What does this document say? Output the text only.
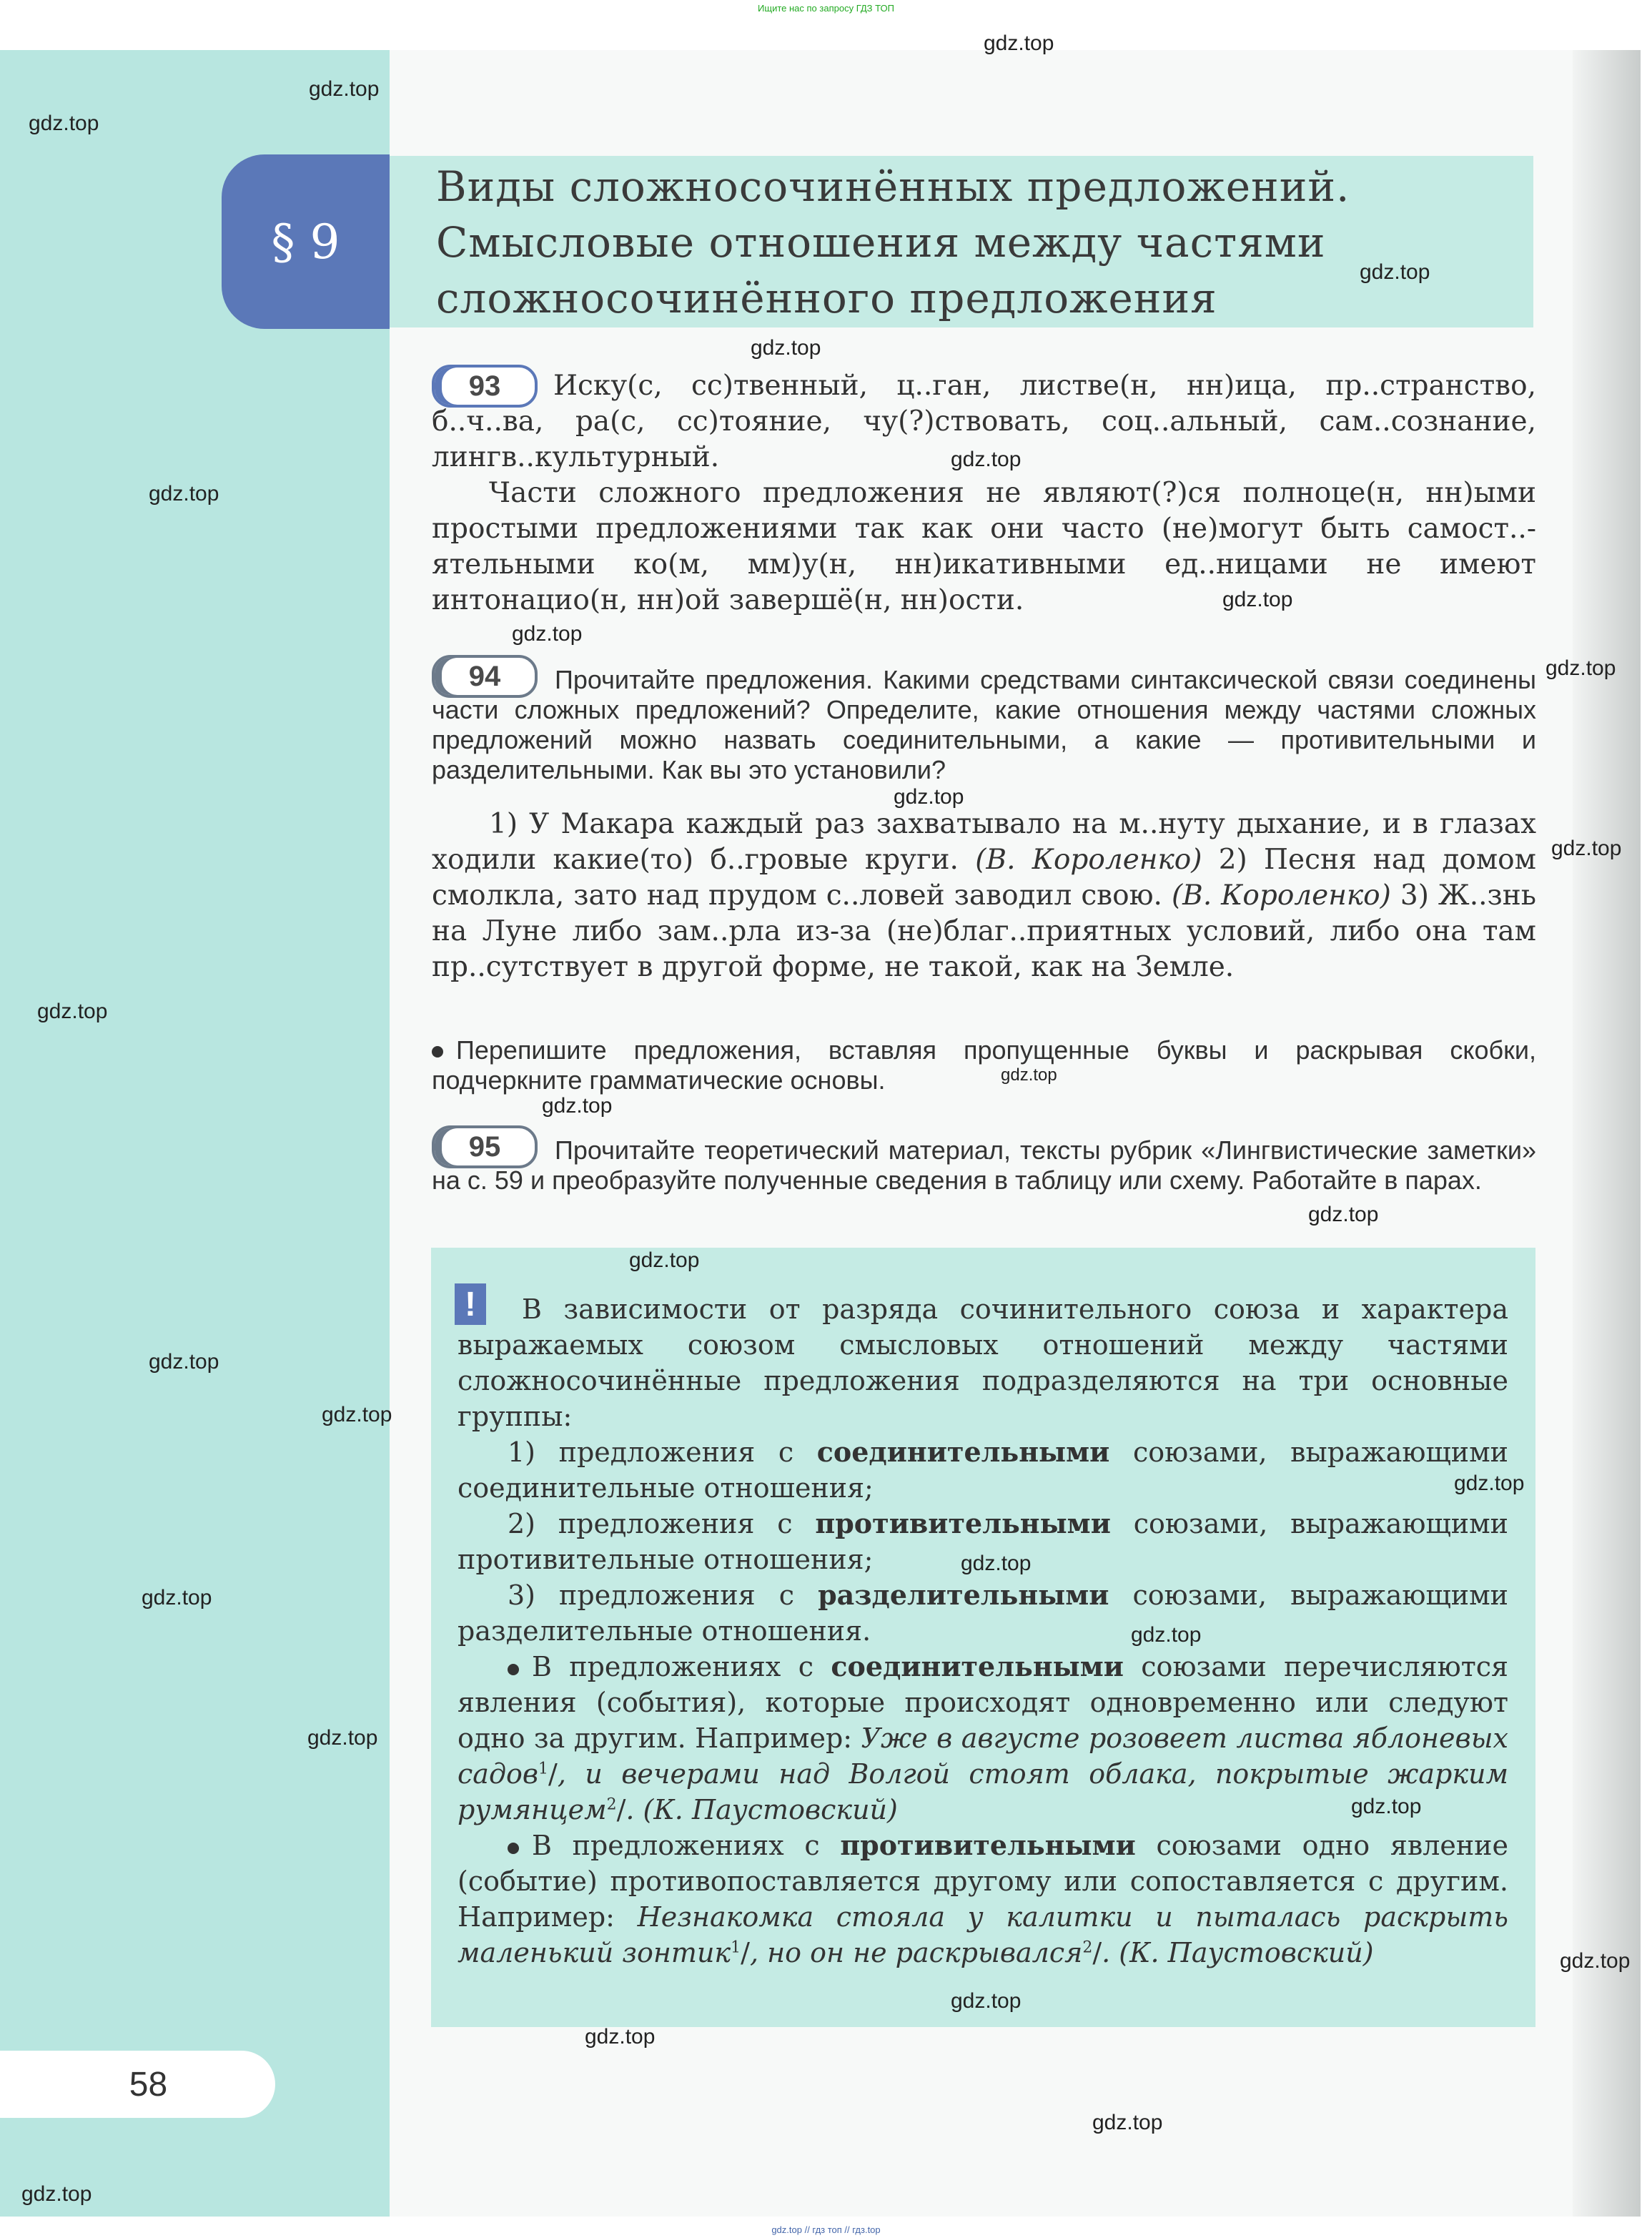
Ищите нас по запросу ГДЗ ТОП
58
§ 9
Виды сложносочинённых предложений.
Смысловые отношения между частями
сложносочинённого предложения
93	Иску(с, сс)твенный, ц..ган, листве(н, нн)ица, пр..странство, б..ч..ва, ра(с, сс)тояние, чу(?)ствовать, соц..альный, сам..сознание, лингв..культурный.
Части сложного предложения не являют(?)ся полноце(н, нн)ыми простыми предложениями так как они часто (не)могут быть самост..-ятельными ко(м, мм)у(н, нн)икативными ед..ницами не имеют интонацио(н, нн)ой завершё(н, нн)ости.
94	Прочитайте предложения. Какими средствами синтаксической связи соединены части сложных предложений? Определите, какие отношения между частями сложных предложений можно назвать соединительными, а какие — противительными и разделительными. Как вы это установили?
1) У Макара каждый раз захватывало на м..нуту дыхание, и в глазах ходили какие(то) б..гровые круги. (В. Короленко) 2) Песня над домом смолкла, зато над прудом с..ловей заводил свою. (В. Короленко) 3) Ж..знь на Луне либо зам..рла из-за (не)благ..приятных условий, либо она там пр..сутствует в другой форме, не такой, как на Земле.
Перепишите предложения, вставляя пропущенные буквы и раскрывая скобки, подчеркните грамматические основы.
95	Прочитайте теоретический материал, тексты рубрик «Лингвистические заметки» на с. 59 и преобразуйте полученные сведения в таблицу или схему. Работайте в парах.
!	В зависимости от разряда сочинительного союза и характера выражаемых союзом смысловых отношений между частями сложносочинённые предложения подразделяются на три основные группы:

1) предложения с соединительными союзами, выражающими соединительные отношения;

2) предложения с противительными союзами, выражающими противительные отношения;

3) предложения с разделительными союзами, выражающими разделительные отношения.

В предложениях с соединительными союзами перечисляются явления (события), которые происходят одновременно или следуют одно за другим. Например: Уже в августе розовеет листва яблоневых садов$^1$/, и вечерами над Волгой стоят облака, покрытые жарким румянцем$^2$/. (К. Паустовский)

В предложениях с противительными союзами одно явление (событие) противопоставляется другому или сопоставляется с другим. Например: Незнакомка стояла у калитки и пыталась раскрыть маленький зонтик$^1$/, но он не раскрывался$^2$/. (К. Паустовский)

gdz.top
gdz.top
gdz.top
gdz.top
gdz.top
gdz.top
gdz.top
gdz.top
gdz.top
gdz.top
gdz.top
gdz.top
gdz.top
gdz.top
gdz.top
gdz.top
gdz.top
gdz.top
gdz.top
gdz.top
gdz.top
gdz.top
gdz.top
gdz.top
gdz.top
gdz.top
gdz.top
gdz.top
gdz.top
gdz.top
gdz.top // гдз топ // гдз.top
